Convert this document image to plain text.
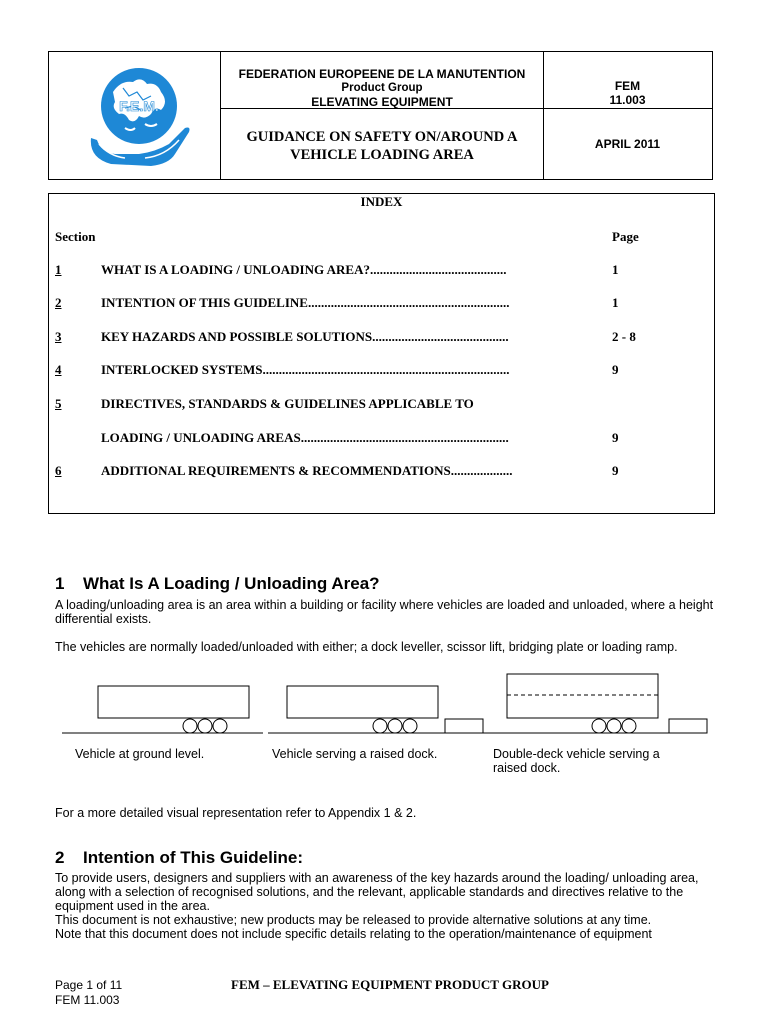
F.E.M.
FEDERATION EUROPEENE DE LA MANUTENTION
Product Group
ELEVATING EQUIPMENT
GUIDANCE ON SAFETY ON/AROUND A
VEHICLE LOADING AREA
FEM
11.003
APRIL 2011
INDEX
Section	Page
1	WHAT IS A LOADING / UNLOADING AREA?..........................................	1
2	INTENTION OF THIS GUIDELINE..............................................................	1
3	KEY HAZARDS AND POSSIBLE SOLUTIONS..........................................	2 - 8
4	INTERLOCKED SYSTEMS............................................................................	9
5	DIRECTIVES, STANDARDS & GUIDELINES APPLICABLE TO
LOADING / UNLOADING AREAS................................................................	9
6	ADDITIONAL REQUIREMENTS & RECOMMENDATIONS...................	9
1 What Is A Loading / Unloading Area?
A loading/unloading area is an area within a building or facility where vehicles are loaded and unloaded, where a height differential exists.
The vehicles are normally loaded/unloaded with either; a dock leveller, scissor lift, bridging plate or loading ramp.
Vehicle at ground level.	Vehicle serving a raised dock.	Double-deck vehicle serving a raised dock.
For a more detailed visual representation refer to Appendix 1 & 2.
2 Intention of This Guideline:
To provide users, designers and suppliers with an awareness of the key hazards around the loading/ unloading area, along with a selection of recognised solutions, and the relevant, applicable standards and directives relative to the equipment used in the area.
This document is not exhaustive; new products may be released to provide alternative solutions at any time.
Note that this document does not include specific details relating to the operation/maintenance of equipment
Page 1 of 11
FEM 11.003
FEM – ELEVATING EQUIPMENT PRODUCT GROUP
